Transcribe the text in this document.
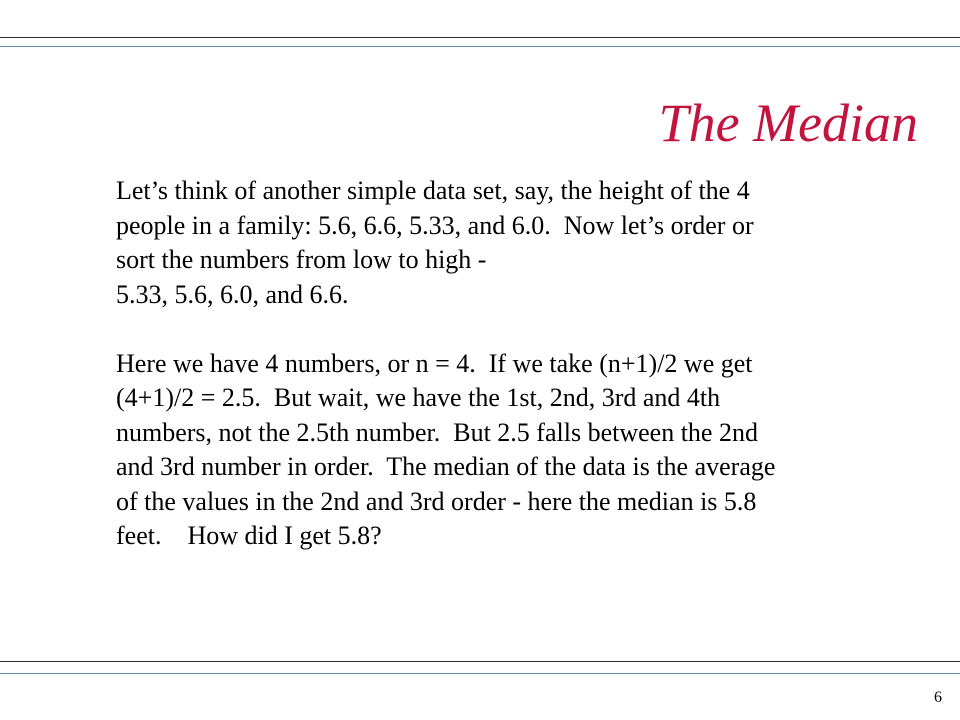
The Median
Let’s think of another simple data set, say, the height of the 4
people in a family: 5.6, 6.6, 5.33, and 6.0.  Now let’s order or
sort the numbers from low to high -
5.33, 5.6, 6.0, and 6.6.
Here we have 4 numbers, or n = 4.  If we take (n+1)/2 we get
(4+1)/2 = 2.5.  But wait, we have the 1st, 2nd, 3rd and 4th
numbers, not the 2.5th number.  But 2.5 falls between the 2nd
and 3rd number in order.  The median of the data is the average
of the values in the 2nd and 3rd order - here the median is 5.8
feet.    How did I get 5.8?
6
